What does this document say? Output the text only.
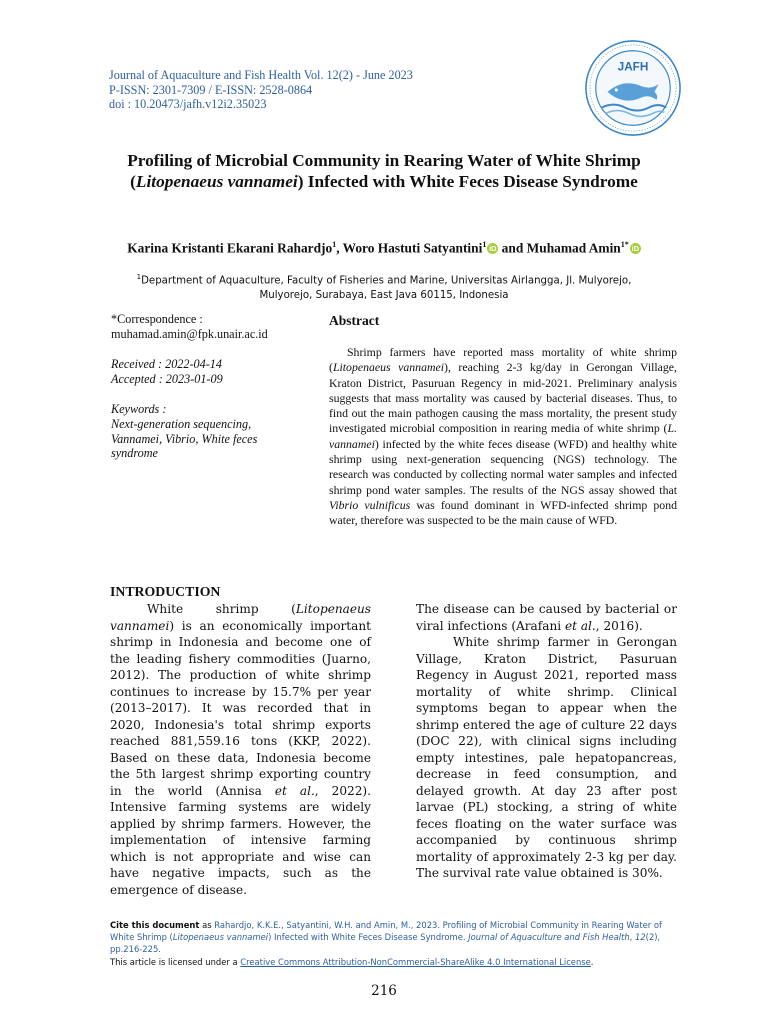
Journal of Aquaculture and Fish Health Vol. 12(2) - June 2023
P-ISSN: 2301-7309 / E-ISSN: 2528-0864
doi : 10.20473/jafh.v12i2.35023
JAFH
Profiling of Microbial Community in Rearing Water of White Shrimp (Litopenaeus vannamei) Infected with White Feces Disease Syndrome
Karina Kristanti Ekarani Rahardjo$^1$, Woro Hastuti Satyantini$^1$ iD and Muhamad Amin$^{1*}$ iD
$^1$Department of Aquaculture, Faculty of Fisheries and Marine, Universitas Airlangga, Jl. Mulyorejo, Mulyorejo, Surabaya, East Java 60115, Indonesia
*Correspondence :
muhamad.amin@fpk.unair.ac.id
Received : 2022-04-14
Accepted : 2023-01-09
Keywords :
Next-generation sequencing, Vannamei, Vibrio, White feces syndrome
Abstract
Shrimp farmers have reported mass mortality of white shrimp (Litopenaeus vannamei), reaching 2-3 kg/day in Gerongan Village, Kraton District, Pasuruan Regency in mid-2021. Preliminary analysis suggests that mass mortality was caused by bacterial diseases. Thus, to find out the main pathogen causing the mass mortality, the present study investigated microbial composition in rearing media of white shrimp (L. vannamei) infected by the white feces disease (WFD) and healthy white shrimp using next-generation sequencing (NGS) technology. The research was conducted by collecting normal water samples and infected shrimp pond water samples. The results of the NGS assay showed that Vibrio vulnificus was found dominant in WFD-infected shrimp pond water, therefore was suspected to be the main cause of WFD.
INTRODUCTION

White shrimp (Litopenaeus vannamei) is an economically important shrimp in Indonesia and become one of the leading fishery commodities (Juarno, 2012). The production of white shrimp continues to increase by 15.7% per year (2013–2017). It was recorded that in 2020, Indonesia's total shrimp exports reached 881,559.16 tons (KKP, 2022). Based on these data, Indonesia become the 5th largest shrimp exporting country in the world (Annisa et al., 2022). Intensive farming systems are widely applied by shrimp farmers. However, the implementation of intensive farming which is not appropriate and wise can have negative impacts, such as the emergence of disease.

The disease can be caused by bacterial or viral infections (Arafani et al., 2016).

White shrimp farmer in Gerongan Village, Kraton District, Pasuruan Regency in August 2021, reported mass mortality of white shrimp. Clinical symptoms began to appear when the shrimp entered the age of culture 22 days (DOC 22), with clinical signs including empty intestines, pale hepatopancreas, decrease in feed consumption, and delayed growth. At day 23 after post larvae (PL) stocking, a string of white feces floating on the water surface was accompanied by continuous shrimp mortality of approximately 2-3 kg per day. The survival rate value obtained is 30%.

Cite this document as Rahardjo, K.K.E., Satyantini, W.H. and Amin, M., 2023. Profiling of Microbial Community in Rearing Water of White Shrimp (Litopenaeus vannamei) Infected with White Feces Disease Syndrome. Journal of Aquaculture and Fish Health, 12(2), pp.216-225.
This article is licensed under a Creative Commons Attribution-NonCommercial-ShareAlike 4.0 International License.
216
